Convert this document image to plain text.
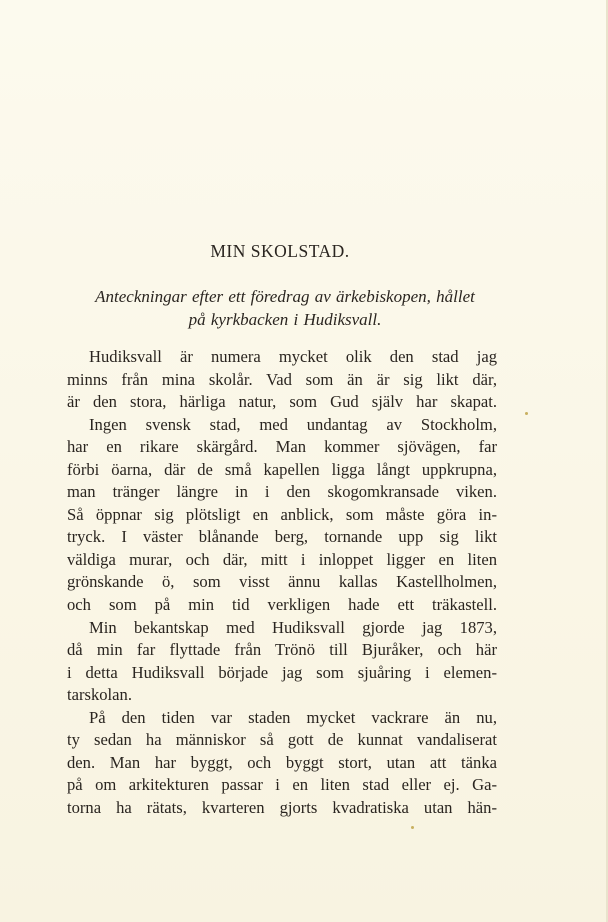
MIN SKOLSTAD.
Anteckningar efter ett föredrag av ärkebiskopen, hållet
på kyrkbacken i Hudiksvall.
Hudiksvall är numera mycket olik den stad jag
minns från mina skolår. Vad som än är sig likt där,
är den stora, härliga natur, som Gud själv har skapat.
Ingen svensk stad, med undantag av Stockholm,
har en rikare skärgård. Man kommer sjövägen, far
förbi öarna, där de små kapellen ligga långt uppkrupna,
man tränger längre in i den skogomkransade viken.
Så öppnar sig plötsligt en anblick, som måste göra in-
tryck. I väster blånande berg, tornande upp sig likt
väldiga murar, och där, mitt i inloppet ligger en liten
grönskande ö, som visst ännu kallas Kastellholmen,
och som på min tid verkligen hade ett träkastell.
Min bekantskap med Hudiksvall gjorde jag 1873,
då min far flyttade från Trönö till Bjuråker, och här
i detta Hudiksvall började jag som sjuåring i elemen-
tarskolan.
På den tiden var staden mycket vackrare än nu,
ty sedan ha människor så gott de kunnat vandaliserat
den. Man har byggt, och byggt stort, utan att tänka
på om arkitekturen passar i en liten stad eller ej. Ga-
torna ha rätats, kvarteren gjorts kvadratiska utan hän-
